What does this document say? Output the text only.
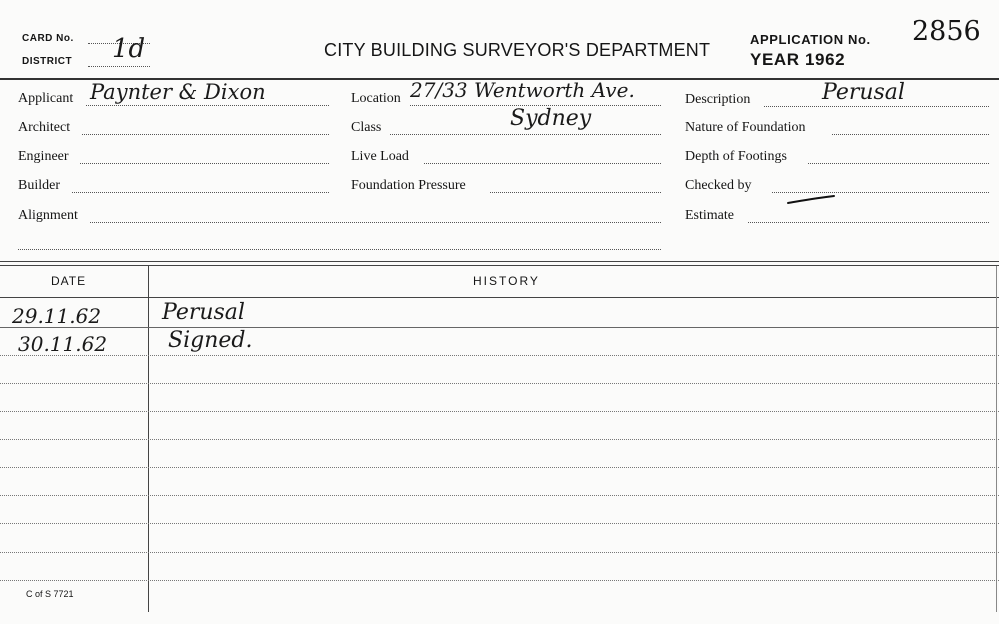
CARD No.
DISTRICT 1d	CITY BUILDING SURVEYOR'S DEPARTMENT
APPLICATION No. 2856
YEAR 1962
Applicant Paynter & Dixon
Architect
Engineer
Builder
Alignment
Location 27/33 Wentworth Ave.
Sydney
Class
Live Load
Foundation Pressure
Description	Perusal
Nature of Foundation
Depth of Footings
Checked by
Estimate
DATE	HISTORY
29.11.62	Perusal
30.11.62	Signed.
C of S 7721
